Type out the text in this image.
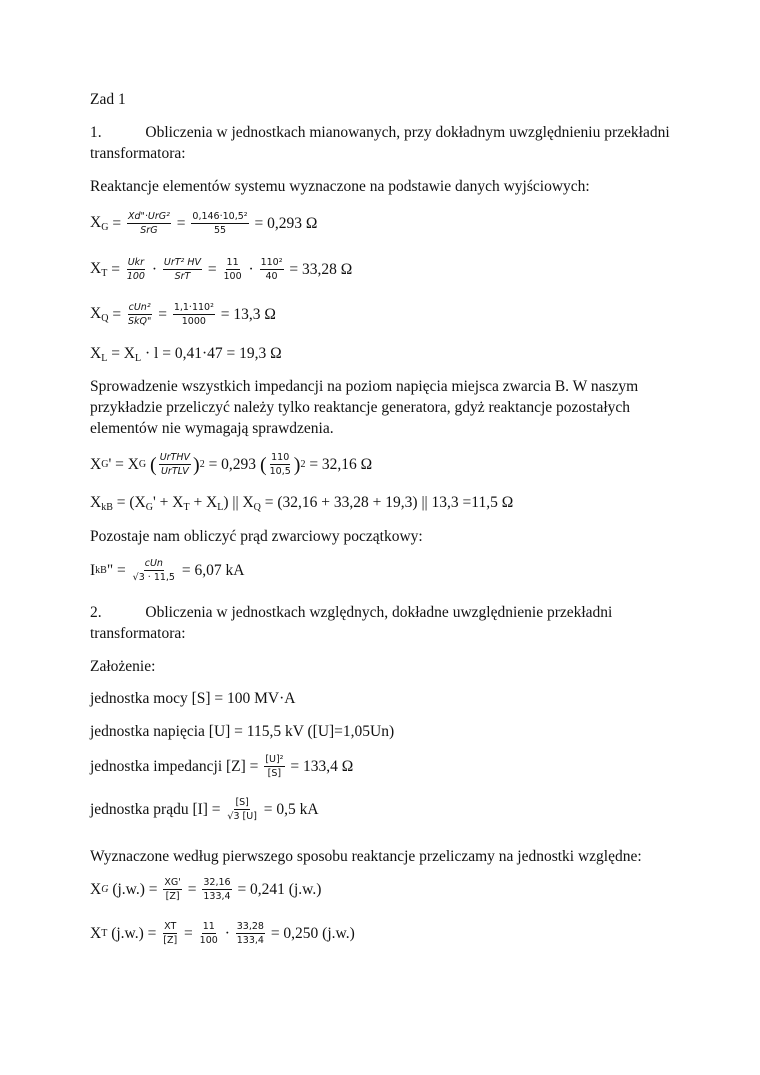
Zad 1
1.	Obliczenia w jednostkach mianowanych, przy dokładnym uwzględnieniu przekładni
transformatora:
Reaktancje elementów systemu wyznaczone na podstawie danych wyjściowych:
$X_G = \frac{\text{Xd"·UrG²}}{\text{SrG}} = \frac{\text{0,146·10,5²}}{55}$
= 0,293 Ω
$X_T = \frac{\text{Ukr}}{100} \cdot \frac{\text{UrT² HV}}{\text{SrT}} = \frac{11}{100} \cdot \frac{\text{110²}}{40}$
= 33,28 Ω
$X_Q = \frac{\text{cUn²}}{\text{SkQ"}} = \frac{\text{1,1·110²}}{1000}$
= 13,3 Ω
$X_L = X_L \cdot l = 0,41\cdot 47 = 19,3$ Ω
Sprowadzenie wszystkich impedancji na poziom napięcia miejsca zwarcia B. W naszym
przykładzie przeliczyć należy tylko reaktancje generatora, gdyż reaktancje pozostałych
elementów nie wymagają sprawdzenia.
X G ' = X G
( $\frac{\text{UrTHV}}{\text{UrTLV}}$ ) 2
= 0,293
( $\frac{110}{10,5}$ ) 2
= 32,16 Ω
$X_{kB} = (X_G' + X_T + X_L)$ || $X_Q = (32,16 + 33,28 + 19,3)$ || 13,3 =11,5 Ω
Pozostaje nam obliczyć prąd zwarciowy początkowy:
I kB " = $\frac{\text{cUn}}{√3 \cdot 11,5}$
= 6,07 kA
2.	Obliczenia w jednostkach względnych, dokładne uwzględnienie przekładni
transformatora:
Założenie:
jednostka mocy [S] = 100 MV·A
jednostka napięcia [U] = 115,5 kV ([U]=1,05Un)
jednostka impedancji [Z] =
$\frac{\text{[U]²}}{[S]}$
= 133,4 Ω
jednostka prądu [I] =
$\frac{[S]}{√3 [U]}$
= 0,5 kA
Wyznaczone według pierwszego sposobu reaktancje przeliczamy na jednostki względne:
X G
(j.w.) =
$\frac{XG'}{[Z]} = \frac{32,16}{133,4}$
= 0,241 (j.w.)
X T
(j.w.) =
$\frac{XT}{[Z]} = \frac{11}{100} \cdot \frac{33,28}{133,4}$
= 0,250 (j.w.)
